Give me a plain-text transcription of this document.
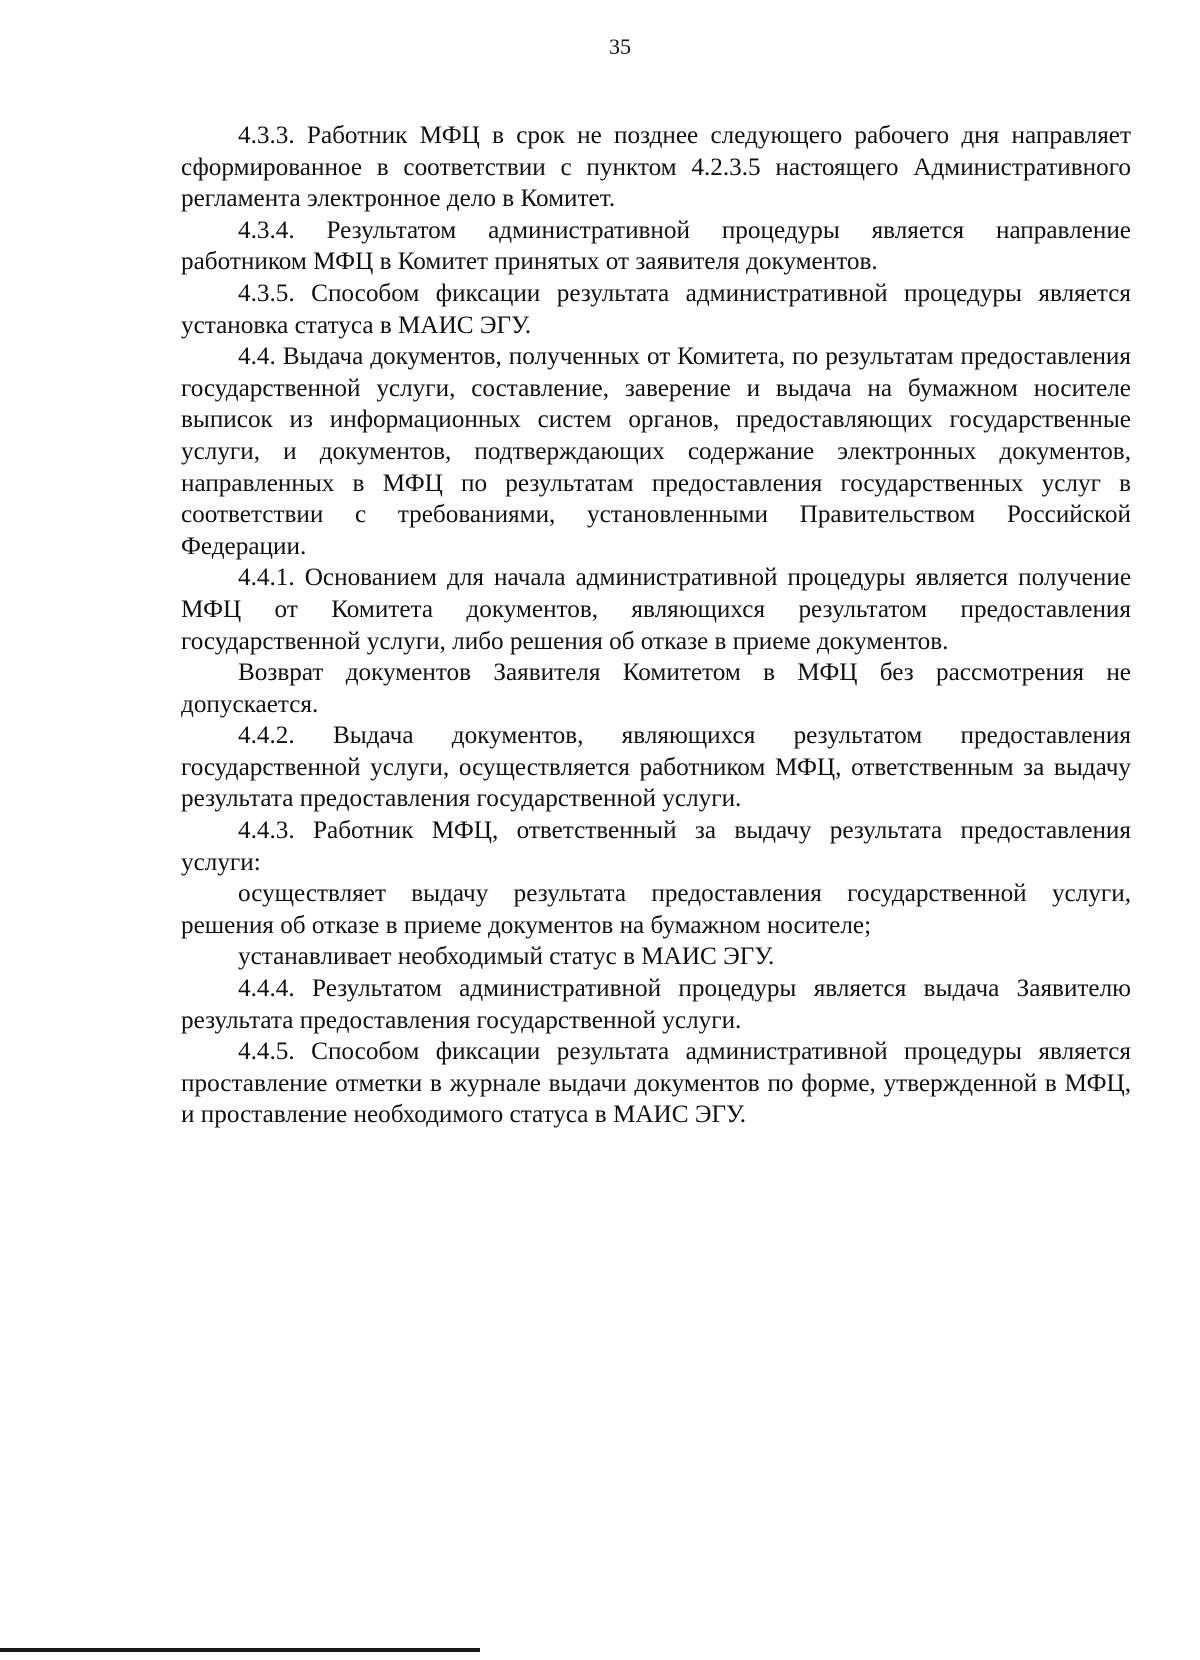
35

4.3.3. Работник МФЦ в срок не позднее следующего рабочего дня направляет сформированное в соответствии с пунктом 4.2.3.5 настоящего Административного регламента электронное дело в Комитет.

4.3.4. Результатом административной процедуры является направление работником МФЦ в Комитет принятых от заявителя документов.

4.3.5. Способом фиксации результата административной процедуры является установка статуса в МАИС ЭГУ.

4.4. Выдача документов, полученных от Комитета, по результатам предоставления государственной услуги, составление, заверение и выдача на бумажном носителе выписок из информационных систем органов, предоставляющих государственные услуги, и документов, подтверждающих содержание электронных документов, направленных в МФЦ по результатам предоставления государственных услуг в соответствии с требованиями, установленными Правительством Российской Федерации.

4.4.1. Основанием для начала административной процедуры является получение МФЦ от Комитета документов, являющихся результатом предоставления государственной услуги, либо решения об отказе в приеме документов.

Возврат документов Заявителя Комитетом в МФЦ без рассмотрения не допускается.

4.4.2. Выдача документов, являющихся результатом предоставления государственной услуги, осуществляется работником МФЦ, ответственным за выдачу результата предоставления государственной услуги.

4.4.3. Работник МФЦ, ответственный за выдачу результата предоставления услуги:

осуществляет выдачу результата предоставления государственной услуги, решения об отказе в приеме документов на бумажном носителе;

устанавливает необходимый статус в МАИС ЭГУ.

4.4.4. Результатом административной процедуры является выдача Заявителю результата предоставления государственной услуги.

4.4.5. Способом фиксации результата административной процедуры является проставление отметки в журнале выдачи документов по форме, утвержденной в МФЦ, и проставление необходимого статуса в МАИС ЭГУ.
